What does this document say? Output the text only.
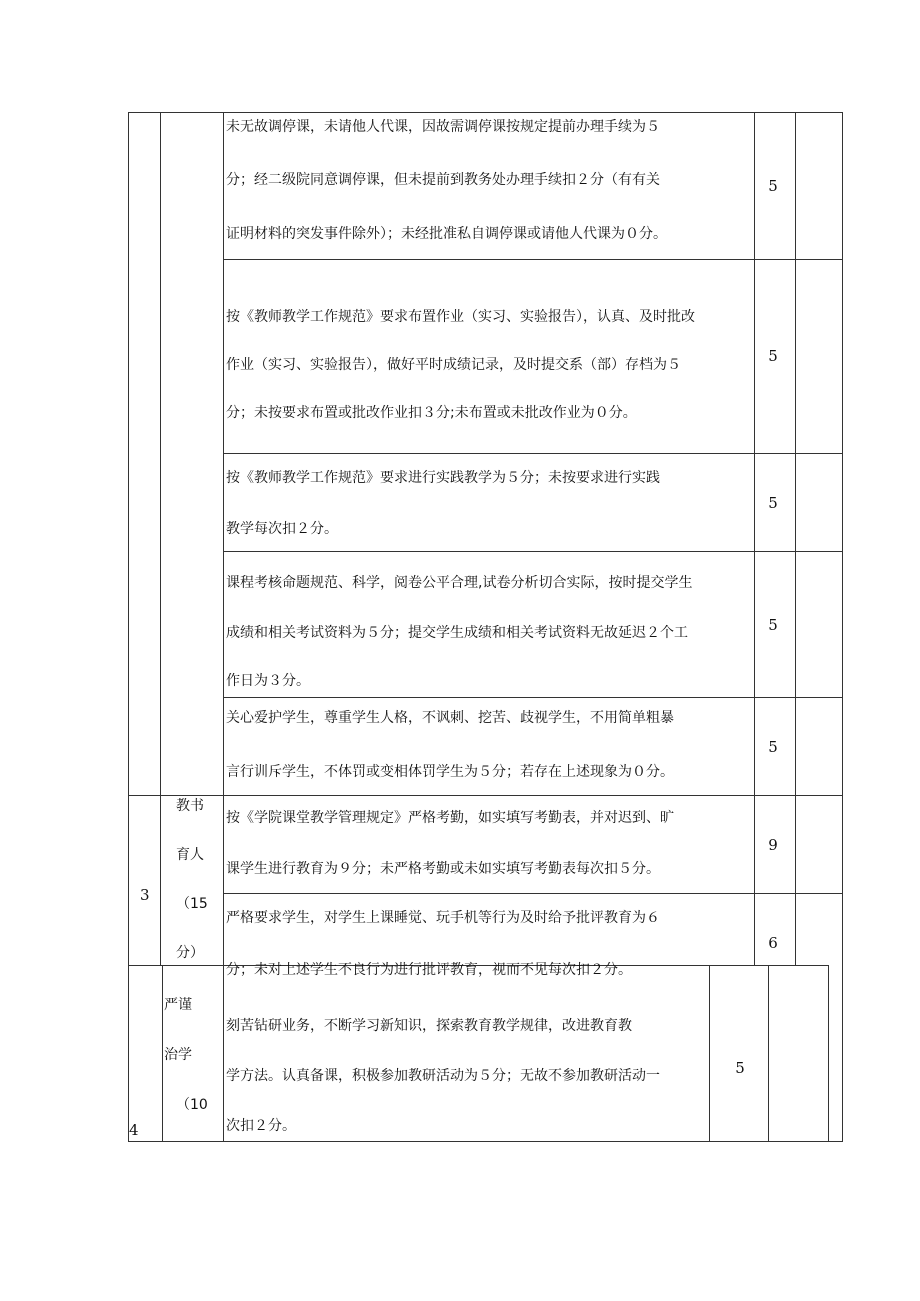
未无故调停课，未请他人代课，因故需调停课按规定提前办理手续为５
分；经二级院同意调停课，但未提前到教务处办理手续扣２分（有有关
证明材料的突发事件除外）；未经批准私自调停课或请他人代课为０分。
5
按《教师教学工作规范》要求布置作业（实习、实验报告），认真、及时批改
作业（实习、实验报告），做好平时成绩记录，及时提交系（部）存档为５
分；未按要求布置或批改作业扣３分;未布置或未批改作业为０分。
5
按《教师教学工作规范》要求进行实践教学为５分；未按要求进行实践
教学每次扣２分。
5
课程考核命题规范、科学，阅卷公平合理,试卷分析切合实际，按时提交学生
成绩和相关考试资料为５分；提交学生成绩和相关考试资料无故延迟２个工
作日为３分。
5
关心爱护学生，尊重学生人格，不讽刺、挖苦、歧视学生，不用简单粗暴
言行训斥学生，不体罚或变相体罚学生为５分；若存在上述现象为０分。
5
3
教书
育人
（15
分）
按《学院课堂教学管理规定》严格考勤，如实填写考勤表，并对迟到、旷
课学生进行教育为９分；未严格考勤或未如实填写考勤表每次扣５分。
9
严格要求学生，对学生上课睡觉、玩手机等行为及时给予批评教育为６
分；未对上述学生不良行为进行批评教育，视而不见每次扣２分。
6
4
严谨
治学
（10
刻苦钻研业务，不断学习新知识，探索教育教学规律，改进教育教
学方法。认真备课，积极参加教研活动为５分；无故不参加教研活动一
次扣２分。
5
